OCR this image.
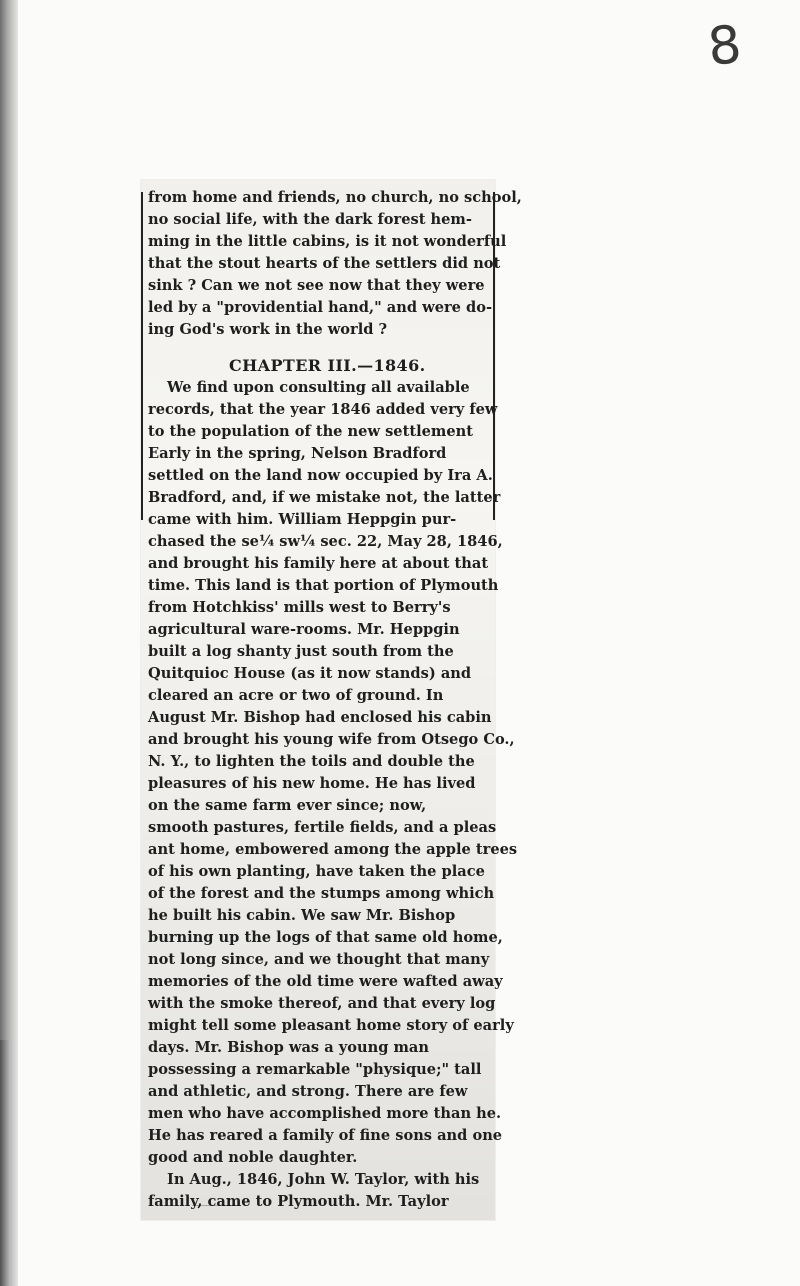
8
from home and friends, no church, no school,
no social life, with the dark forest hem-
ming in the little cabins, is it not wonderful
that the stout hearts of the settlers did not
sink ? Can we not see now that they were
led by a "providential hand," and were do-
ing God's work in the world ?
CHAPTER III.—1846.
We find upon consulting all available
records, that the year 1846 added very few
to the population of the new settlement
Early in the spring, Nelson Bradford
settled on the land now occupied by Ira A.
Bradford, and, if we mistake not, the latter
came with him. William Heppgin pur-
chased the se¼ sw¼ sec. 22, May 28, 1846,
and brought his family here at about that
time. This land is that portion of Plymouth
from Hotchkiss' mills west to Berry's
agricultural ware-rooms. Mr. Heppgin
built a log shanty just south from the
Quitquioc House (as it now stands) and
cleared an acre or two of ground. In
August Mr. Bishop had enclosed his cabin
and brought his young wife from Otsego Co.,
N. Y., to lighten the toils and double the
pleasures of his new home. He has lived
on the same farm ever since; now,
smooth pastures, fertile fields, and a pleas
ant home, embowered among the apple trees
of his own planting, have taken the place
of the forest and the stumps among which
he built his cabin. We saw Mr. Bishop
burning up the logs of that same old home,
not long since, and we thought that many
memories of the old time were wafted away
with the smoke thereof, and that every log
might tell some pleasant home story of early
days. Mr. Bishop was a young man
possessing a remarkable "physique;" tall
and athletic, and strong. There are few
men who have accomplished more than he.
He has reared a family of fine sons and one
good and noble daughter.
In Aug., 1846, John W. Taylor, with his
family, came to Plymouth. Mr. Taylor
